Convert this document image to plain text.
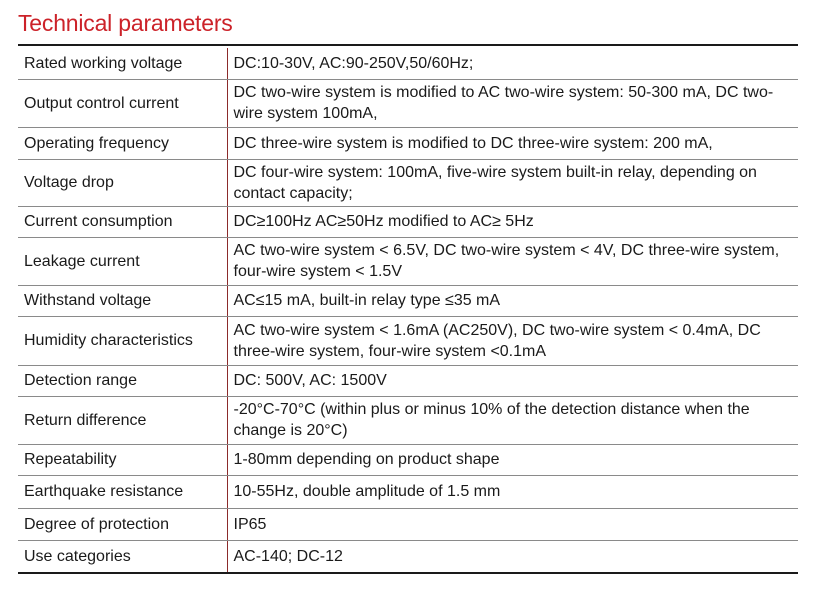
Technical parameters
Rated working voltage	DC:10-30V, AC:90-250V,50/60Hz;
Output control current	DC two-wire system is modified to AC two-wire system: 50-300 mA, DC two-wire system 100mA,
Operating frequency	DC three-wire system is modified to DC three-wire system: 200 mA,
Voltage drop	DC four-wire system: 100mA, five-wire system built-in relay, depending on contact capacity;
Current consumption	DC≥100Hz AC≥50Hz modified to AC≥ 5Hz
Leakage current	AC two-wire system < 6.5V, DC two-wire system < 4V, DC three-wire system, four-wire system < 1.5V
Withstand voltage	AC≤15 mA, built-in relay type ≤35 mA
Humidity characteristics	AC two-wire system < 1.6mA (AC250V), DC two-wire system < 0.4mA, DC three-wire system, four-wire system <0.1mA
Detection range	DC: 500V, AC: 1500V
Return difference	-20°C-70°C (within plus or minus 10% of the detection distance when the change is 20°C)
Repeatability	1-80mm depending on product shape
Earthquake resistance	10-55Hz, double amplitude of 1.5 mm
Degree of protection	IP65
Use categories	AC-140; DC-12
